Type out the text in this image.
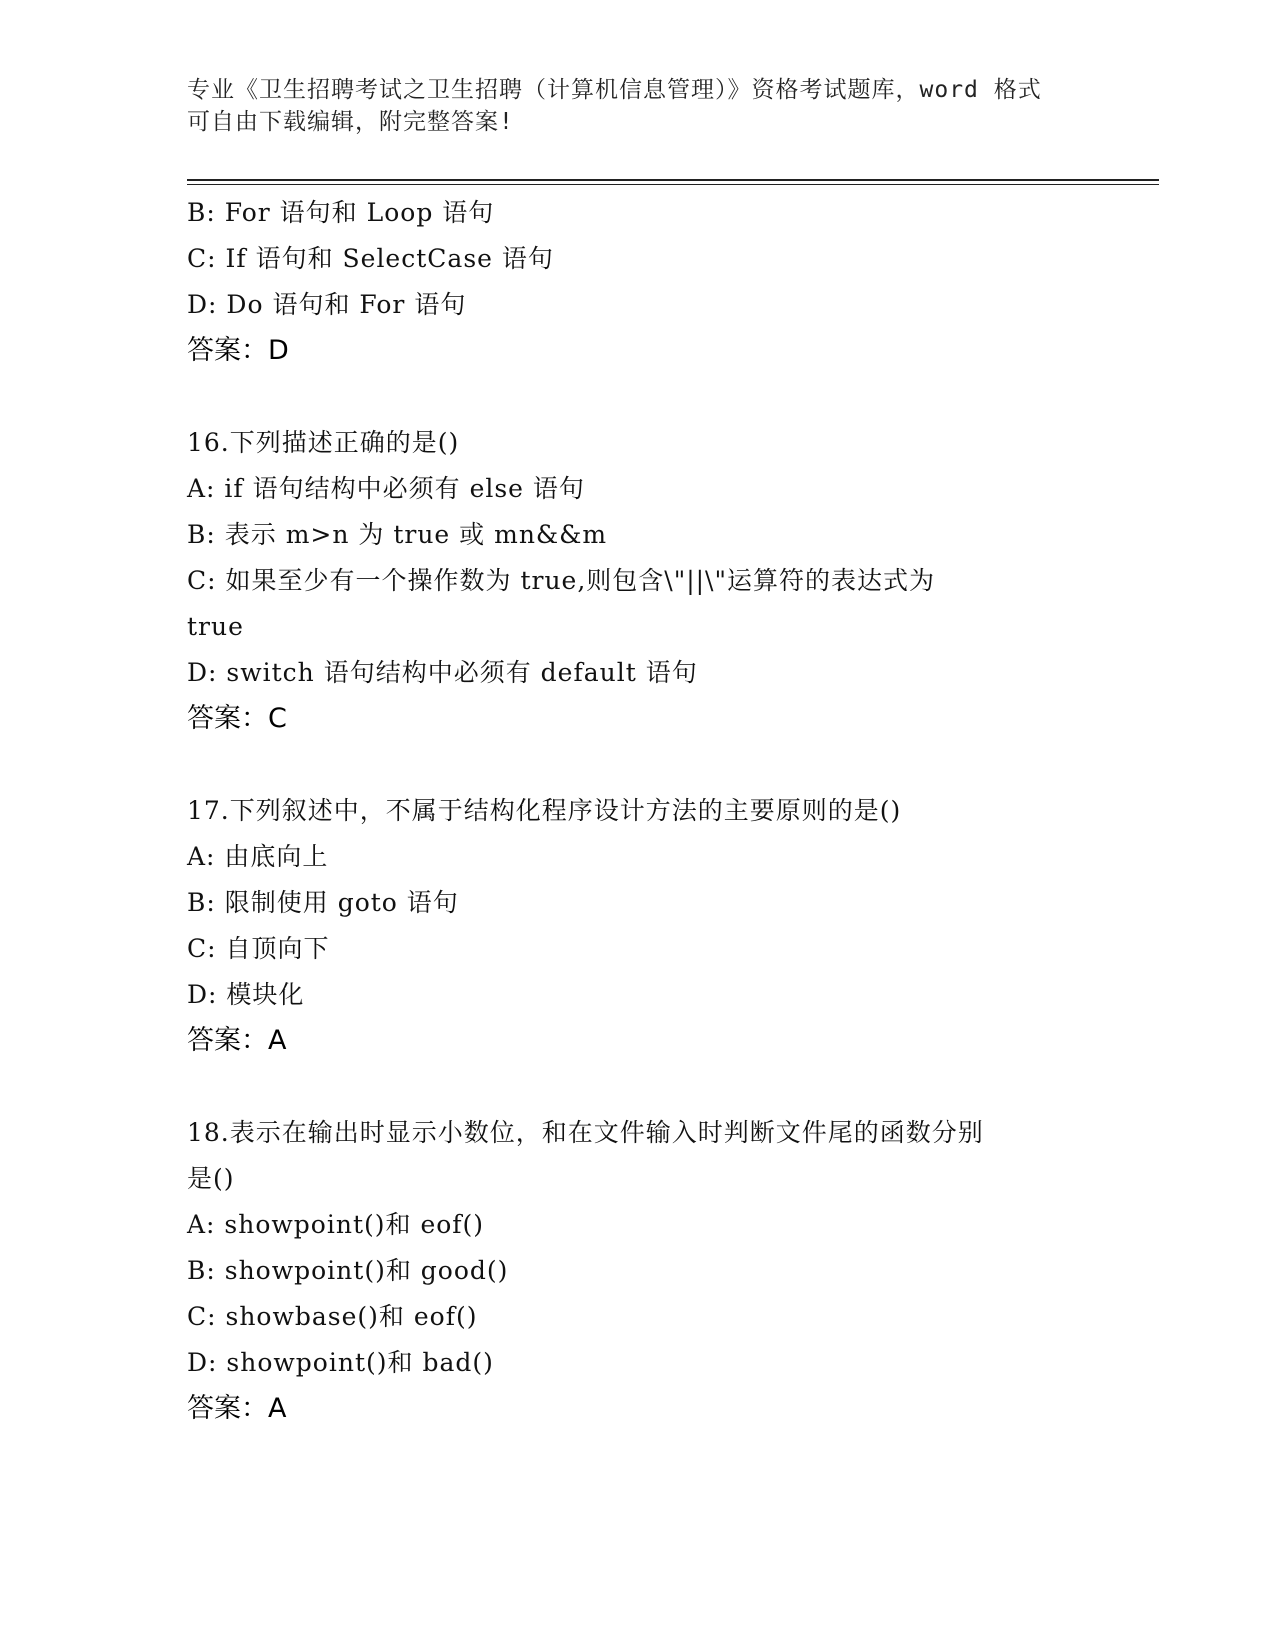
专业《卫生招聘考试之卫生招聘（计算机信息管理）》资格考试题库，word 格式
可自由下载编辑，附完整答案!
B: For 语句和 Loop 语句
C: If 语句和 SelectCase 语句
D: Do 语句和 For 语句
答案：D
16.下列描述正确的是()
A: if 语句结构中必须有 else 语句
B: 表示 m>n 为 true 或 mn&&m
C: 如果至少有一个操作数为 true,则包含\"||\"运算符的表达式为
true
D: switch 语句结构中必须有 default 语句
答案：C
17.下列叙述中，不属于结构化程序设计方法的主要原则的是()
A: 由底向上
B: 限制使用 goto 语句
C: 自顶向下
D: 模块化
答案：A
18.表示在输出时显示小数位，和在文件输入时判断文件尾的函数分别
是()
A: showpoint()和 eof()
B: showpoint()和 good()
C: showbase()和 eof()
D: showpoint()和 bad()
答案：A
